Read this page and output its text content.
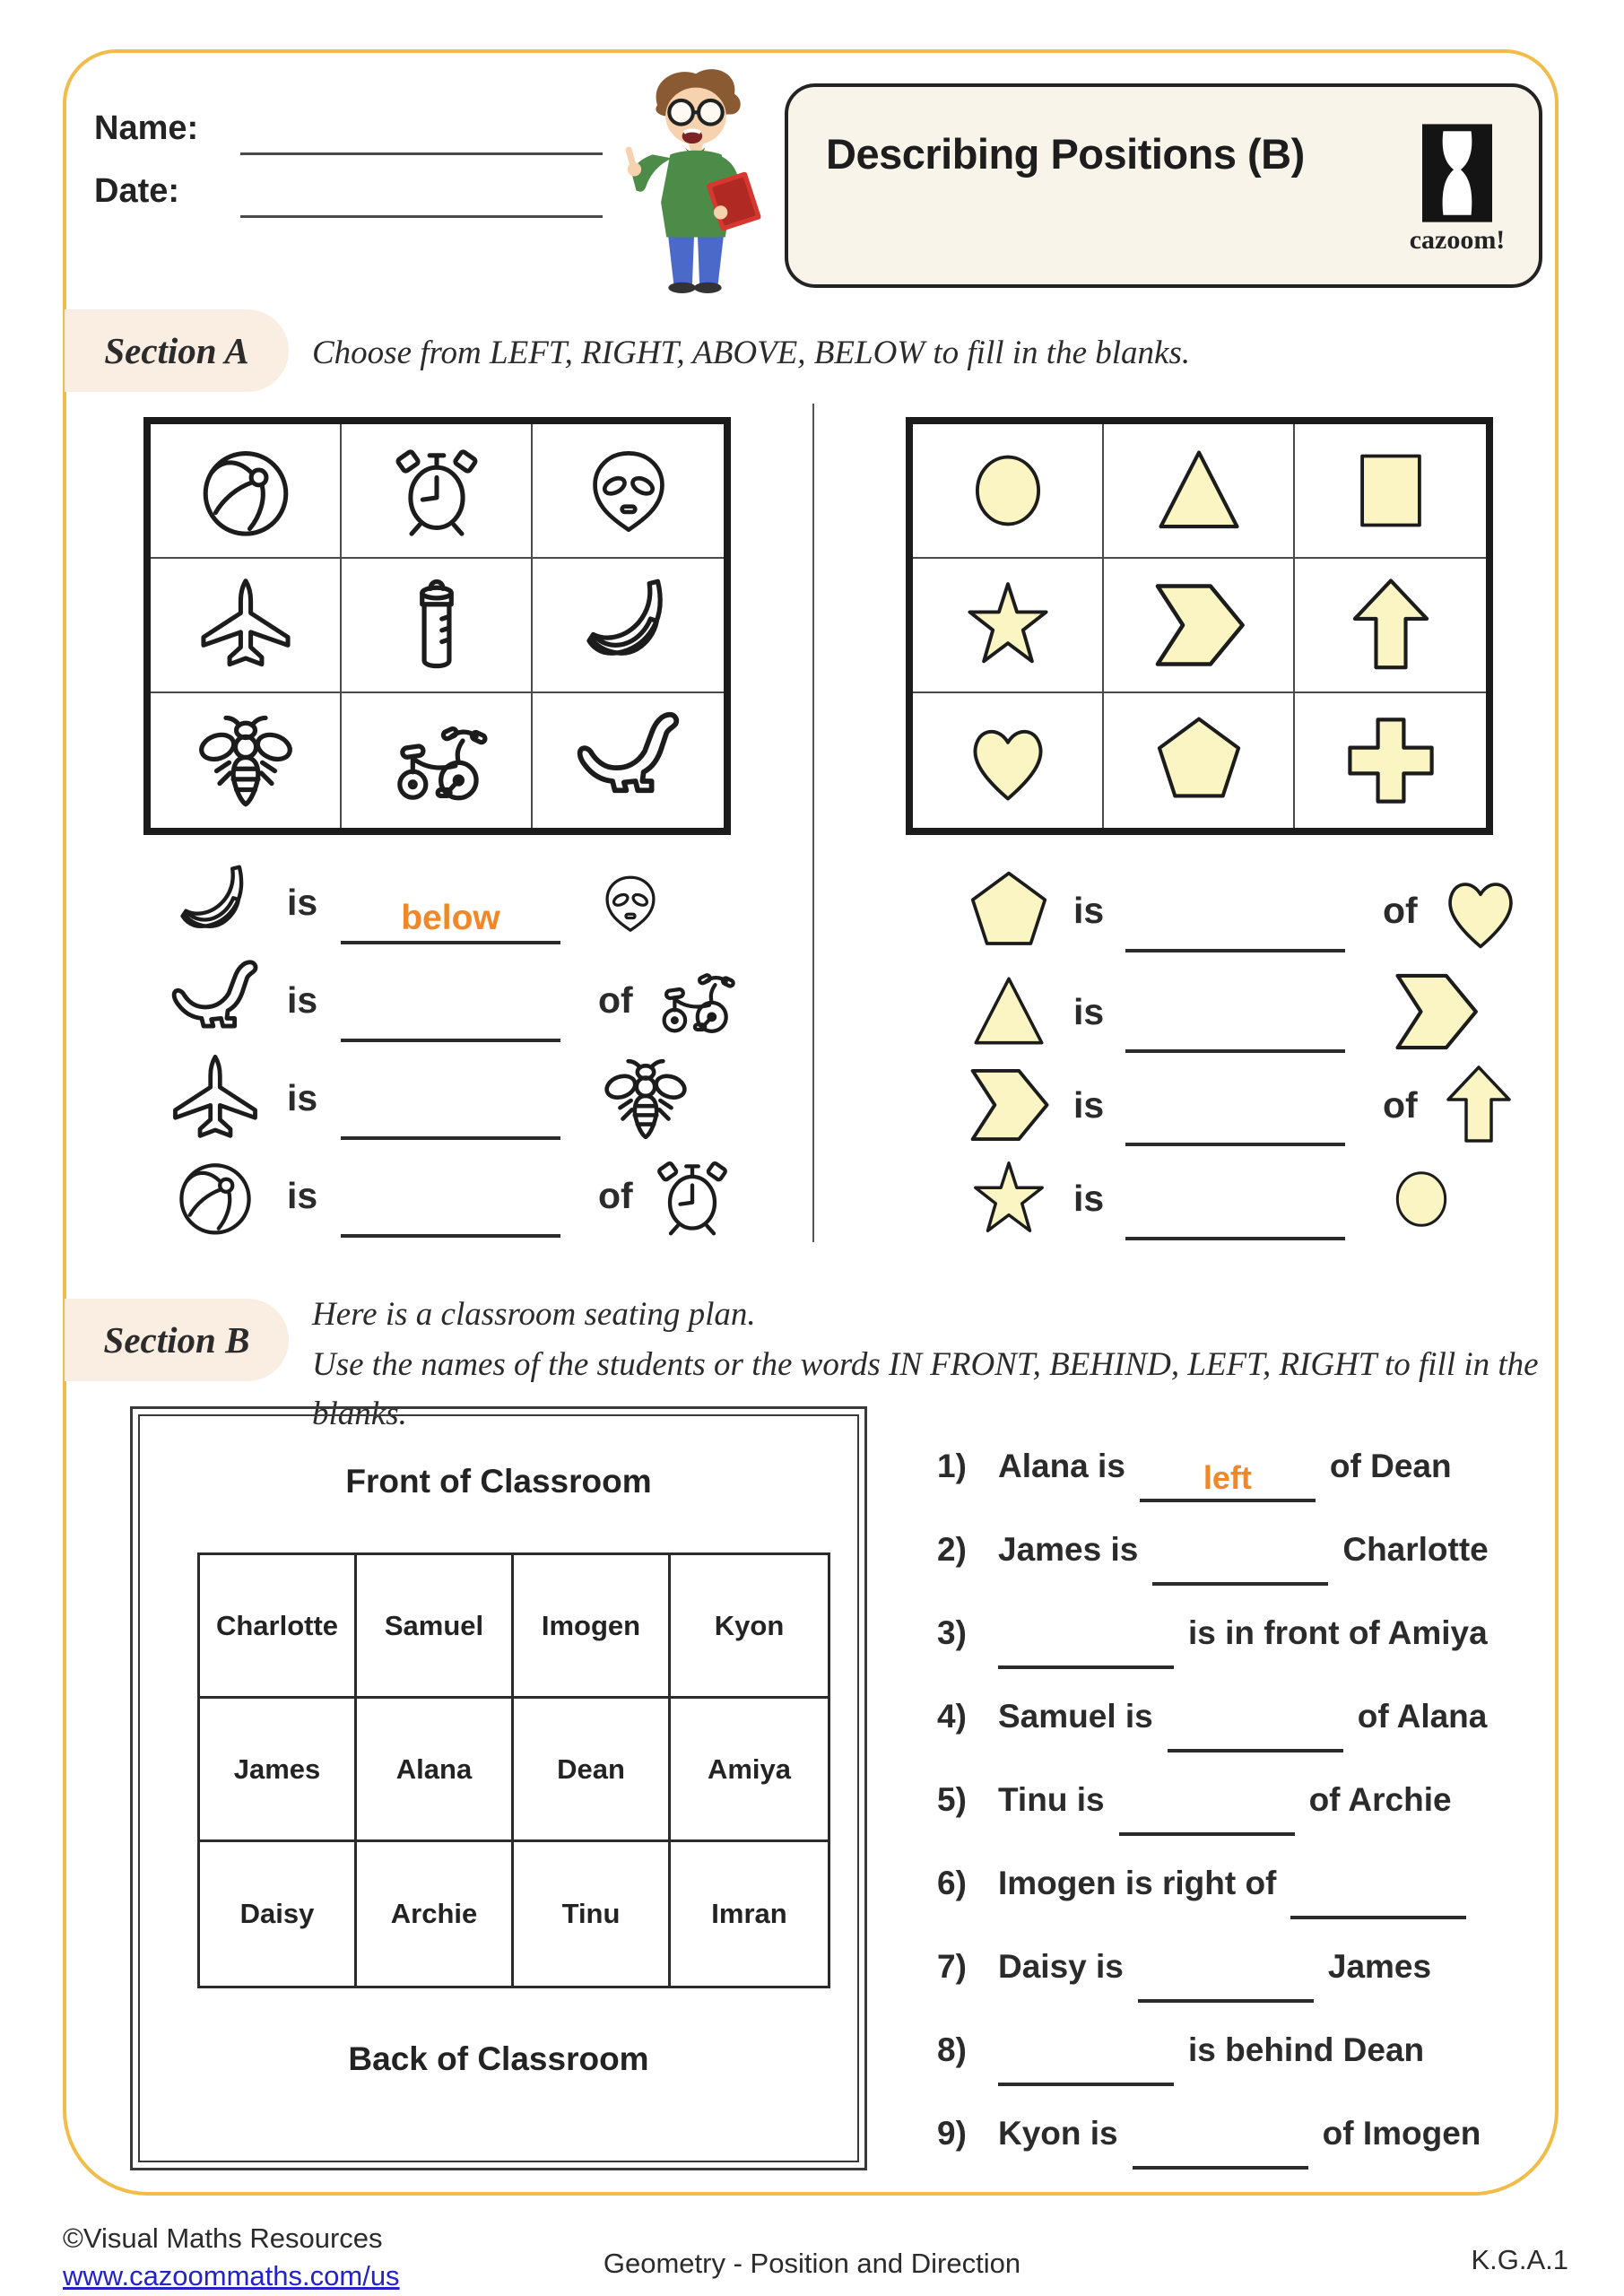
Name:
Date:
Describing Positions (B)
cazoom!
Section A Choose from LEFT, RIGHT, ABOVE, BELOW to fill in the blanks.
is	below
is	of
is
is	of
is	of
is
is	of
is
Section B
Here is a classroom seating plan.
Use the names of the students or the words IN FRONT, BEHIND, LEFT, RIGHT to fill in the blanks.
Front of Classroom
Charlotte	Samuel	Imogen	Kyon
James	Alana	Dean	Amiya
Daisy	Archie	Tinu	Imran
Back of Classroom
1) Alana is left of Dean
2) James is	Charlotte
3)	is in front of Amiya
4) Samuel is	of Alana
5) Tinu is	of Archie
6) Imogen is right of
7) Daisy is	James
8)	is behind Dean
9) Kyon is	of Imogen
©Visual Maths Resources
www.cazoommaths.com/us	Geometry - Position and Direction	K.G.A.1
